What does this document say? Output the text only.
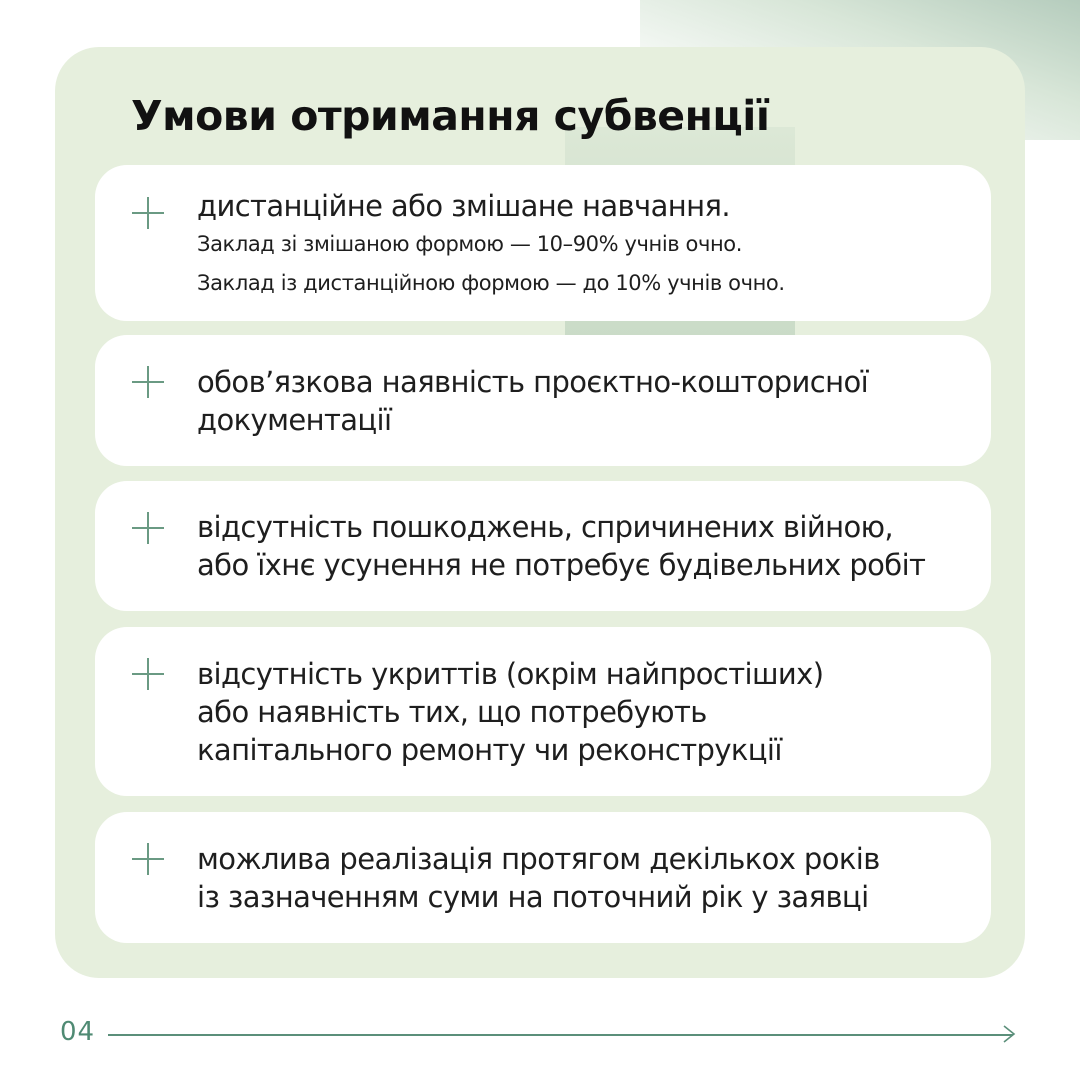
Умови отримання субвенції
дистанційне або змішане навчання.
Заклад зі змішаною формою — 10–90% учнів очно.
Заклад із дистанційною формою — до 10% учнів очно.
обов’язкова наявність проєктно-кошторисної
документації
відсутність пошкоджень, спричинених війною,
або їхнє усунення не потребує будівельних робіт
відсутність укриттів (окрім найпростіших)
або наявність тих, що потребують
капітального ремонту чи реконструкції
можлива реалізація протягом декількох років
із зазначенням суми на поточний рік у заявці
04
